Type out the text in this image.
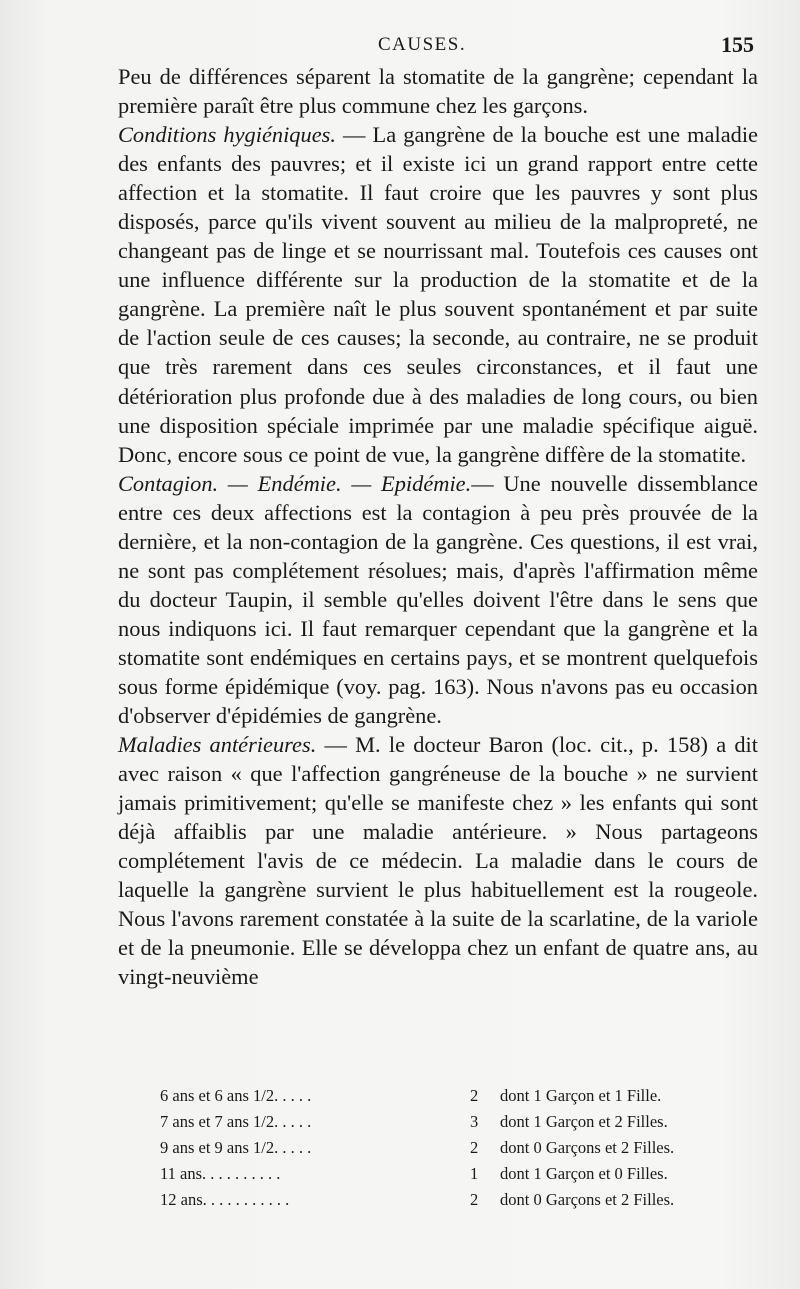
CAUSES.	155

Peu de différences séparent la stomatite de la gangrène; cependant la première paraît être plus commune chez les garçons.

Conditions hygiéniques. — La gangrène de la bouche est une maladie des enfants des pauvres; et il existe ici un grand rapport entre cette affection et la stomatite. Il faut croire que les pauvres y sont plus disposés, parce qu'ils vivent souvent au milieu de la malpropreté, ne changeant pas de linge et se nourrissant mal. Toutefois ces causes ont une influence différente sur la production de la stomatite et de la gangrène. La première naît le plus souvent spontanément et par suite de l'action seule de ces causes; la seconde, au contraire, ne se produit que très rarement dans ces seules circonstances, et il faut une détérioration plus profonde due à des maladies de long cours, ou bien une disposition spéciale imprimée par une maladie spécifique aiguë. Donc, encore sous ce point de vue, la gangrène diffère de la stomatite.

Contagion. — Endémie. — Epidémie.— Une nouvelle dissemblance entre ces deux affections est la contagion à peu près prouvée de la dernière, et la non-contagion de la gangrène. Ces questions, il est vrai, ne sont pas complétement résolues; mais, d'après l'affirmation même du docteur Taupin, il semble qu'elles doivent l'être dans le sens que nous indiquons ici. Il faut remarquer cependant que la gangrène et la stomatite sont endémiques en certains pays, et se montrent quelquefois sous forme épidémique (voy. pag. 163). Nous n'avons pas eu occasion d'observer d'épidémies de gangrène.

Maladies antérieures. — M. le docteur Baron (loc. cit., p. 158) a dit avec raison « que l'affection gangréneuse de la bouche » ne survient jamais primitivement; qu'elle se manifeste chez » les enfants qui sont déjà affaiblis par une maladie antérieure. » Nous partageons complétement l'avis de ce médecin. La maladie dans le cours de laquelle la gangrène survient le plus habituellement est la rougeole. Nous l'avons rarement constatée à la suite de la scarlatine, de la variole et de la pneumonie. Elle se développa chez un enfant de quatre ans, au vingt-neuvième

6 ans et 6 ans 1/2. . . . .	2	dont 1 Garçon et 1 Fille.
7 ans et 7 ans 1/2. . . . .	3	dont 1 Garçon et 2 Filles.
9 ans et 9 ans 1/2. . . . .	2	dont 0 Garçons et 2 Filles.
11 ans. . . . . . . . . .	1	dont 1 Garçon et 0 Filles.
12 ans. . . . . . . . . . .	2	dont 0 Garçons et 2 Filles.
